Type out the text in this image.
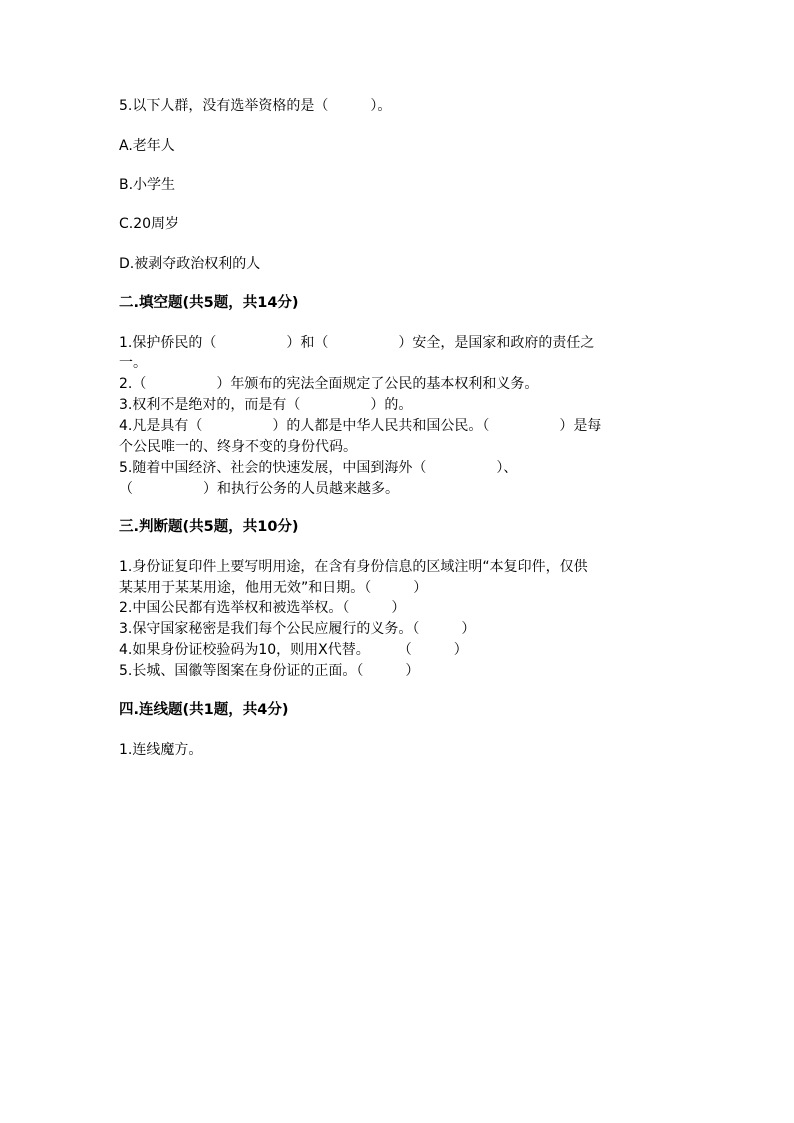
5.以下人群，没有选举资格的是（　　　）。
A.老年人
B.小学生
C.20周岁
D.被剥夺政治权利的人
二.填空题(共5题，共14分)
1.保护侨民的（　　　　　）和（　　　　　）安全，是国家和政府的责任之
一。
2.（　　　　　）年颁布的宪法全面规定了公民的基本权利和义务。
3.权利不是绝对的，而是有（　　　　　）的。
4.凡是具有（　　　　　）的人都是中华人民共和国公民。（　　　　　）是每
个公民唯一的、终身不变的身份代码。
5.随着中国经济、社会的快速发展，中国到海外（　　　　　）、
（　　　　　）和执行公务的人员越来越多。
三.判断题(共5题，共10分)
1.身份证复印件上要写明用途，在含有身份信息的区域注明“本复印件，仅供
某某用于某某用途，他用无效”和日期。（　　　）
2.中国公民都有选举权和被选举权。（　　　）
3.保守国家秘密是我们每个公民应履行的义务。（　　　）
4.如果身份证校验码为10，则用X代替。　　　（　　　）
5.长城、国徽等图案在身份证的正面。（　　　）
四.连线题(共1题，共4分)
1.连线魔方。
